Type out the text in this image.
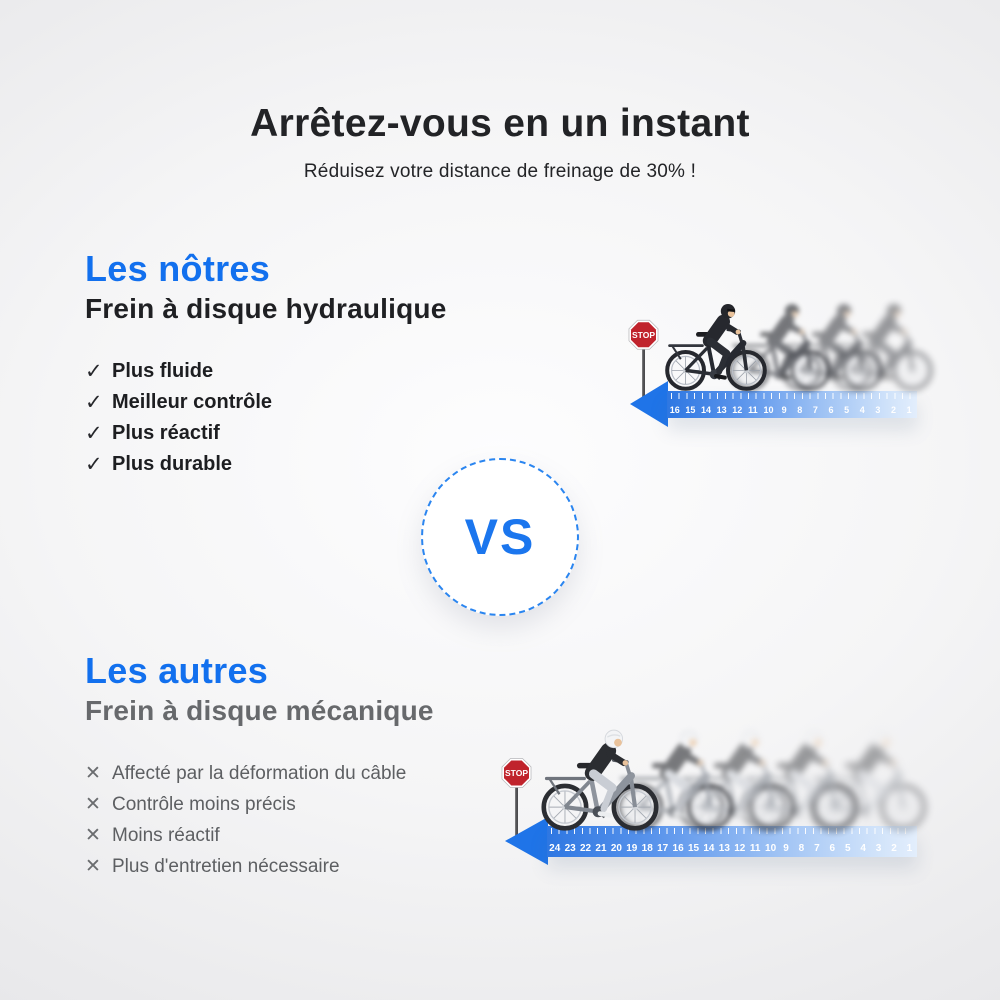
Arrêtez-vous en un instant
Réduisez votre distance de freinage de 30% !
Les nôtres
Frein à disque hydraulique
✓ Plus fluide
✓ Meilleur contrôle
✓ Plus réactif
✓ Plus durable
STOP
16 15 14 13 12 11 10 9	8	7	6	5	4	3	2	1
VS
Les autres
Frein à disque mécanique
✕ Affecté par la déformation du câble
✕ Contrôle moins précis
✕ Moins réactif
✕ Plus d'entretien nécessaire
STOP
24 23 22 21 20 19 18 17 16 15 14 13 12 11 10 9 8 7 6 5 4 3 2 1
